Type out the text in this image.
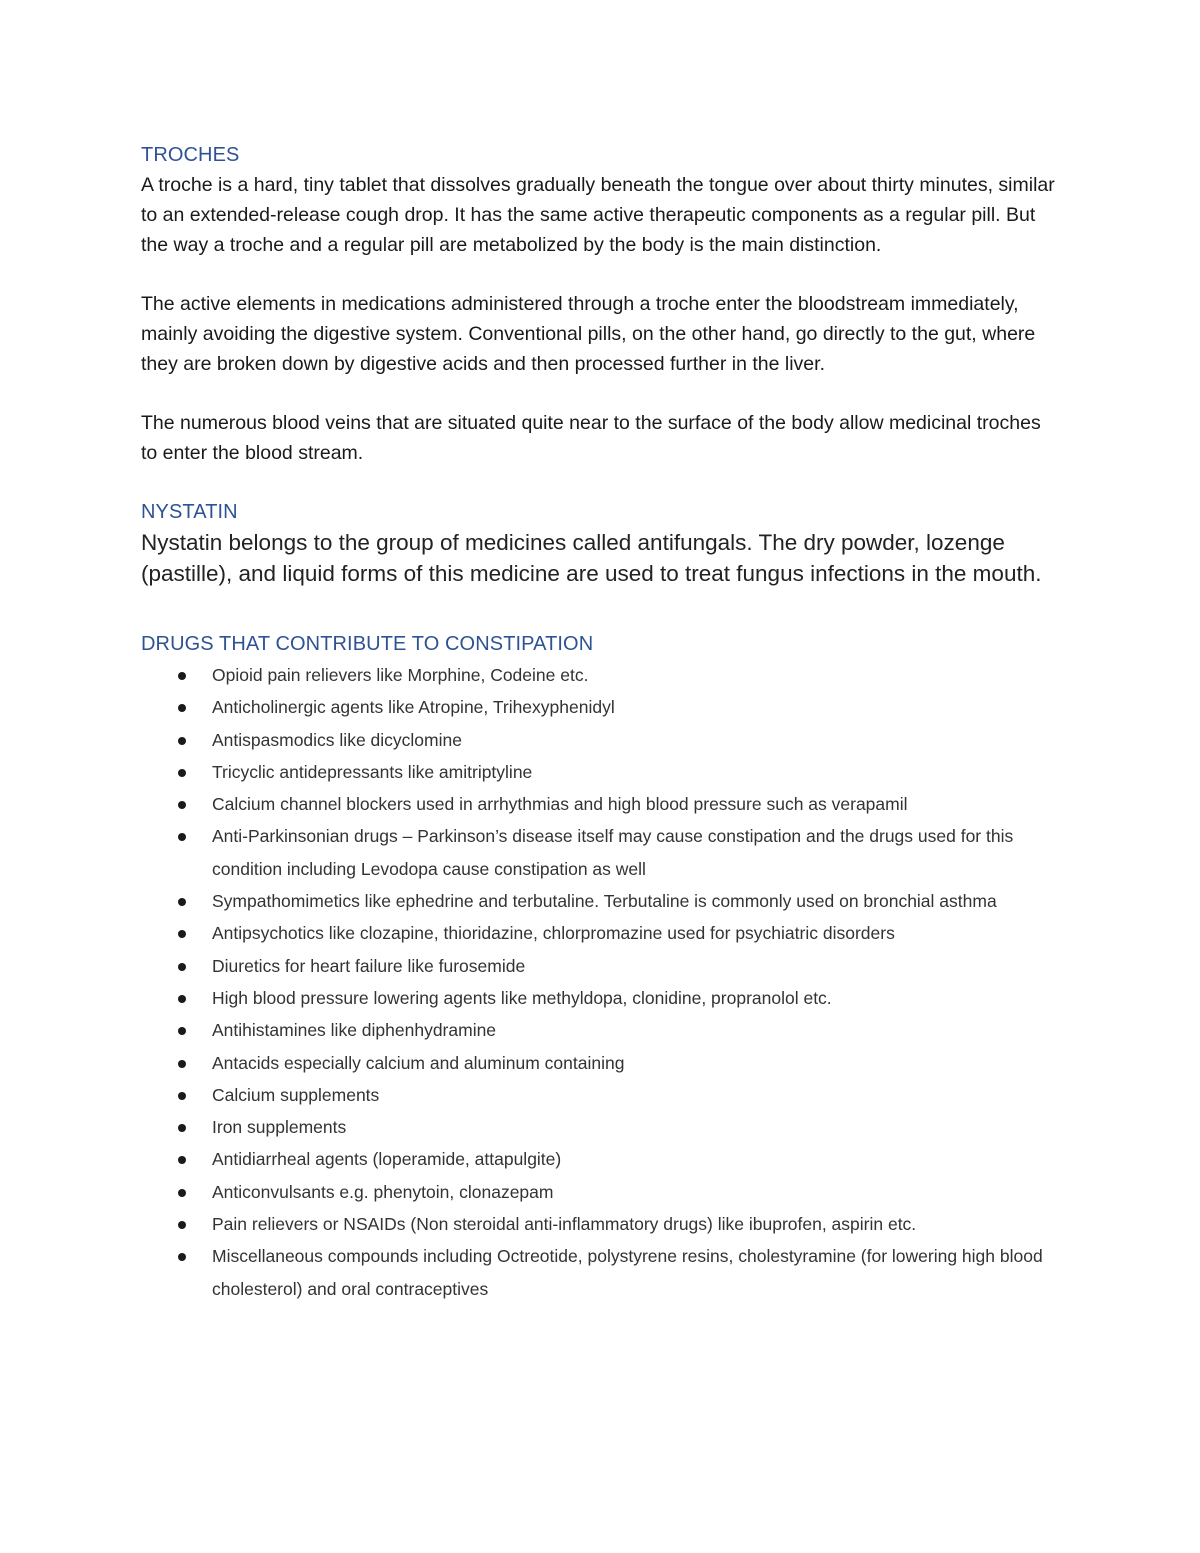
TROCHES

A troche is a hard, tiny tablet that dissolves gradually beneath the tongue over about thirty minutes, similar to an extended-release cough drop. It has the same active therapeutic components as a regular pill. But the way a troche and a regular pill are metabolized by the body is the main distinction.

The active elements in medications administered through a troche enter the bloodstream immediately, mainly avoiding the digestive system. Conventional pills, on the other hand, go directly to the gut, where they are broken down by digestive acids and then processed further in the liver.

The numerous blood veins that are situated quite near to the surface of the body allow medicinal troches to enter the blood stream.

NYSTATIN

Nystatin belongs to the group of medicines called antifungals. The dry powder, lozenge (pastille), and liquid forms of this medicine are used to treat fungus infections in the mouth.

DRUGS THAT CONTRIBUTE TO CONSTIPATION
Opioid pain relievers like Morphine, Codeine etc.
Anticholinergic agents like Atropine, Trihexyphenidyl
Antispasmodics like dicyclomine
Tricyclic antidepressants like amitriptyline
Calcium channel blockers used in arrhythmias and high blood pressure such as verapamil
Anti-Parkinsonian drugs – Parkinson’s disease itself may cause constipation and the drugs used for this condition including Levodopa cause constipation as well
Sympathomimetics like ephedrine and terbutaline. Terbutaline is commonly used on bronchial asthma
Antipsychotics like clozapine, thioridazine, chlorpromazine used for psychiatric disorders
Diuretics for heart failure like furosemide
High blood pressure lowering agents like methyldopa, clonidine, propranolol etc.
Antihistamines like diphenhydramine
Antacids especially calcium and aluminum containing
Calcium supplements
Iron supplements
Antidiarrheal agents (loperamide, attapulgite)
Anticonvulsants e.g. phenytoin, clonazepam
Pain relievers or NSAIDs (Non steroidal anti-inflammatory drugs) like ibuprofen, aspirin etc.
Miscellaneous compounds including Octreotide, polystyrene resins, cholestyramine (for lowering high blood cholesterol) and oral contraceptives
